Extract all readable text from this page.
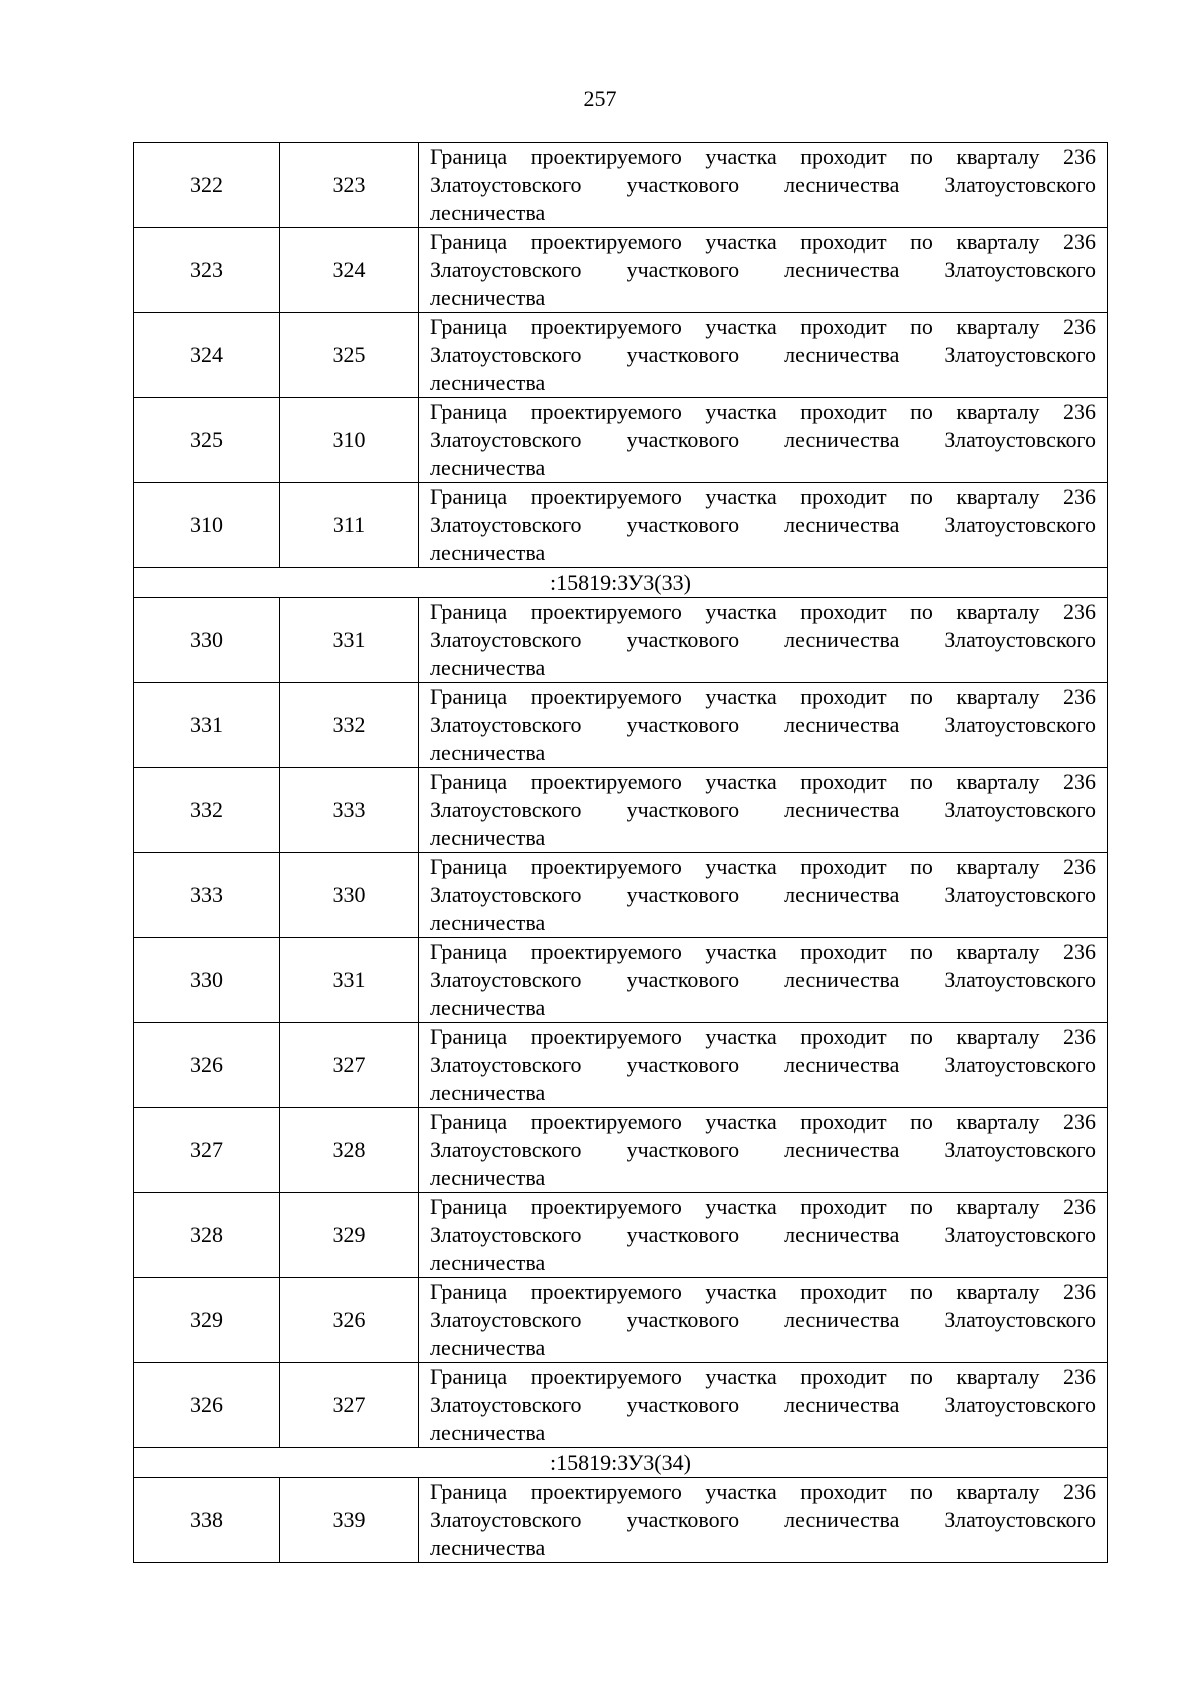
257
322	323	Граница проектируемого участка проходит по кварталу 236 Златоустовского участкового лесничества Златоустовского лесничества
323	324	Граница проектируемого участка проходит по кварталу 236 Златоустовского участкового лесничества Златоустовского лесничества
324	325	Граница проектируемого участка проходит по кварталу 236 Златоустовского участкового лесничества Златоустовского лесничества
325	310	Граница проектируемого участка проходит по кварталу 236 Златоустовского участкового лесничества Златоустовского лесничества
310	311	Граница проектируемого участка проходит по кварталу 236 Златоустовского участкового лесничества Златоустовского лесничества
:15819:ЗУ3(33)		
330	331	Граница проектируемого участка проходит по кварталу 236 Златоустовского участкового лесничества Златоустовского лесничества
331	332	Граница проектируемого участка проходит по кварталу 236 Златоустовского участкового лесничества Златоустовского лесничества
332	333	Граница проектируемого участка проходит по кварталу 236 Златоустовского участкового лесничества Златоустовского лесничества
333	330	Граница проектируемого участка проходит по кварталу 236 Златоустовского участкового лесничества Златоустовского лесничества
330	331	Граница проектируемого участка проходит по кварталу 236 Златоустовского участкового лесничества Златоустовского лесничества
326	327	Граница проектируемого участка проходит по кварталу 236 Златоустовского участкового лесничества Златоустовского лесничества
327	328	Граница проектируемого участка проходит по кварталу 236 Златоустовского участкового лесничества Златоустовского лесничества
328	329	Граница проектируемого участка проходит по кварталу 236 Златоустовского участкового лесничества Златоустовского лесничества
329	326	Граница проектируемого участка проходит по кварталу 236 Златоустовского участкового лесничества Златоустовского лесничества
326	327	Граница проектируемого участка проходит по кварталу 236 Златоустовского участкового лесничества Златоустовского лесничества
:15819:ЗУ3(34)		
338	339	Граница проектируемого участка проходит по кварталу 236 Златоустовского участкового лесничества Златоустовского лесничества
